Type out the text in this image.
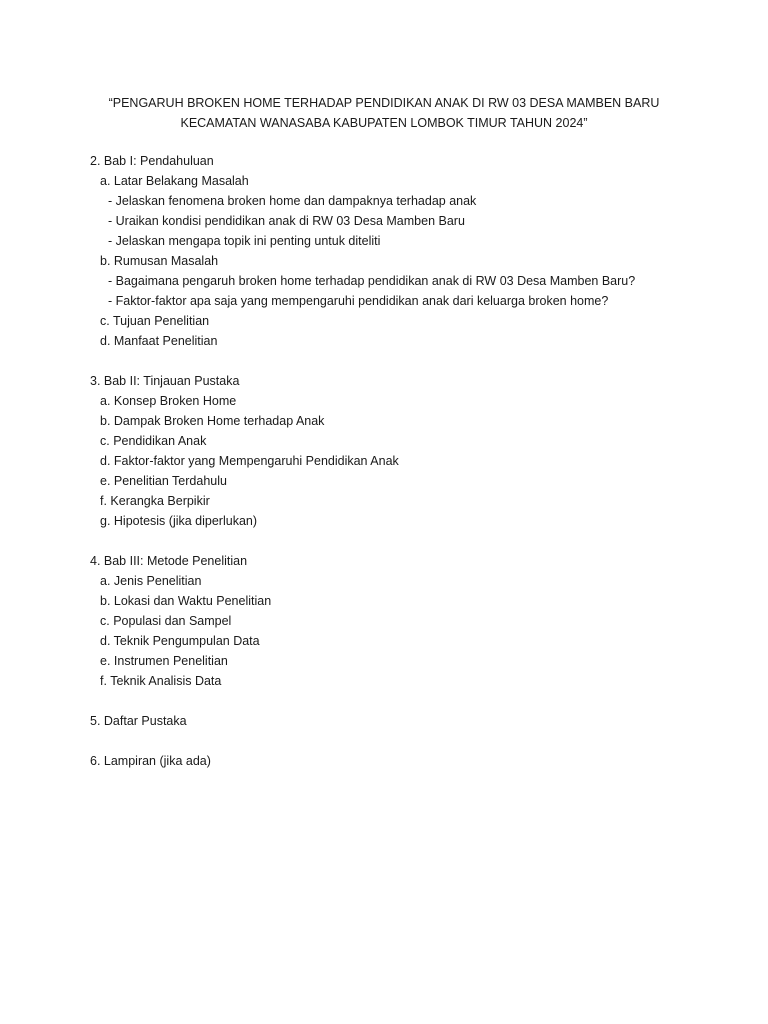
“PENGARUH BROKEN HOME TERHADAP PENDIDIKAN ANAK DI RW 03 DESA MAMBEN BARU
KECAMATAN WANASABA KABUPATEN LOMBOK TIMUR TAHUN 2024”
2. Bab I: Pendahuluan
a. Latar Belakang Masalah
- Jelaskan fenomena broken home dan dampaknya terhadap anak
- Uraikan kondisi pendidikan anak di RW 03 Desa Mamben Baru
- Jelaskan mengapa topik ini penting untuk diteliti
b. Rumusan Masalah
- Bagaimana pengaruh broken home terhadap pendidikan anak di RW 03 Desa Mamben Baru?
- Faktor-faktor apa saja yang mempengaruhi pendidikan anak dari keluarga broken home?
c. Tujuan Penelitian
d. Manfaat Penelitian
3. Bab II: Tinjauan Pustaka
a. Konsep Broken Home
b. Dampak Broken Home terhadap Anak
c. Pendidikan Anak
d. Faktor-faktor yang Mempengaruhi Pendidikan Anak
e. Penelitian Terdahulu
f. Kerangka Berpikir
g. Hipotesis (jika diperlukan)
4. Bab III: Metode Penelitian
a. Jenis Penelitian
b. Lokasi dan Waktu Penelitian
c. Populasi dan Sampel
d. Teknik Pengumpulan Data
e. Instrumen Penelitian
f. Teknik Analisis Data
5. Daftar Pustaka
6. Lampiran (jika ada)
